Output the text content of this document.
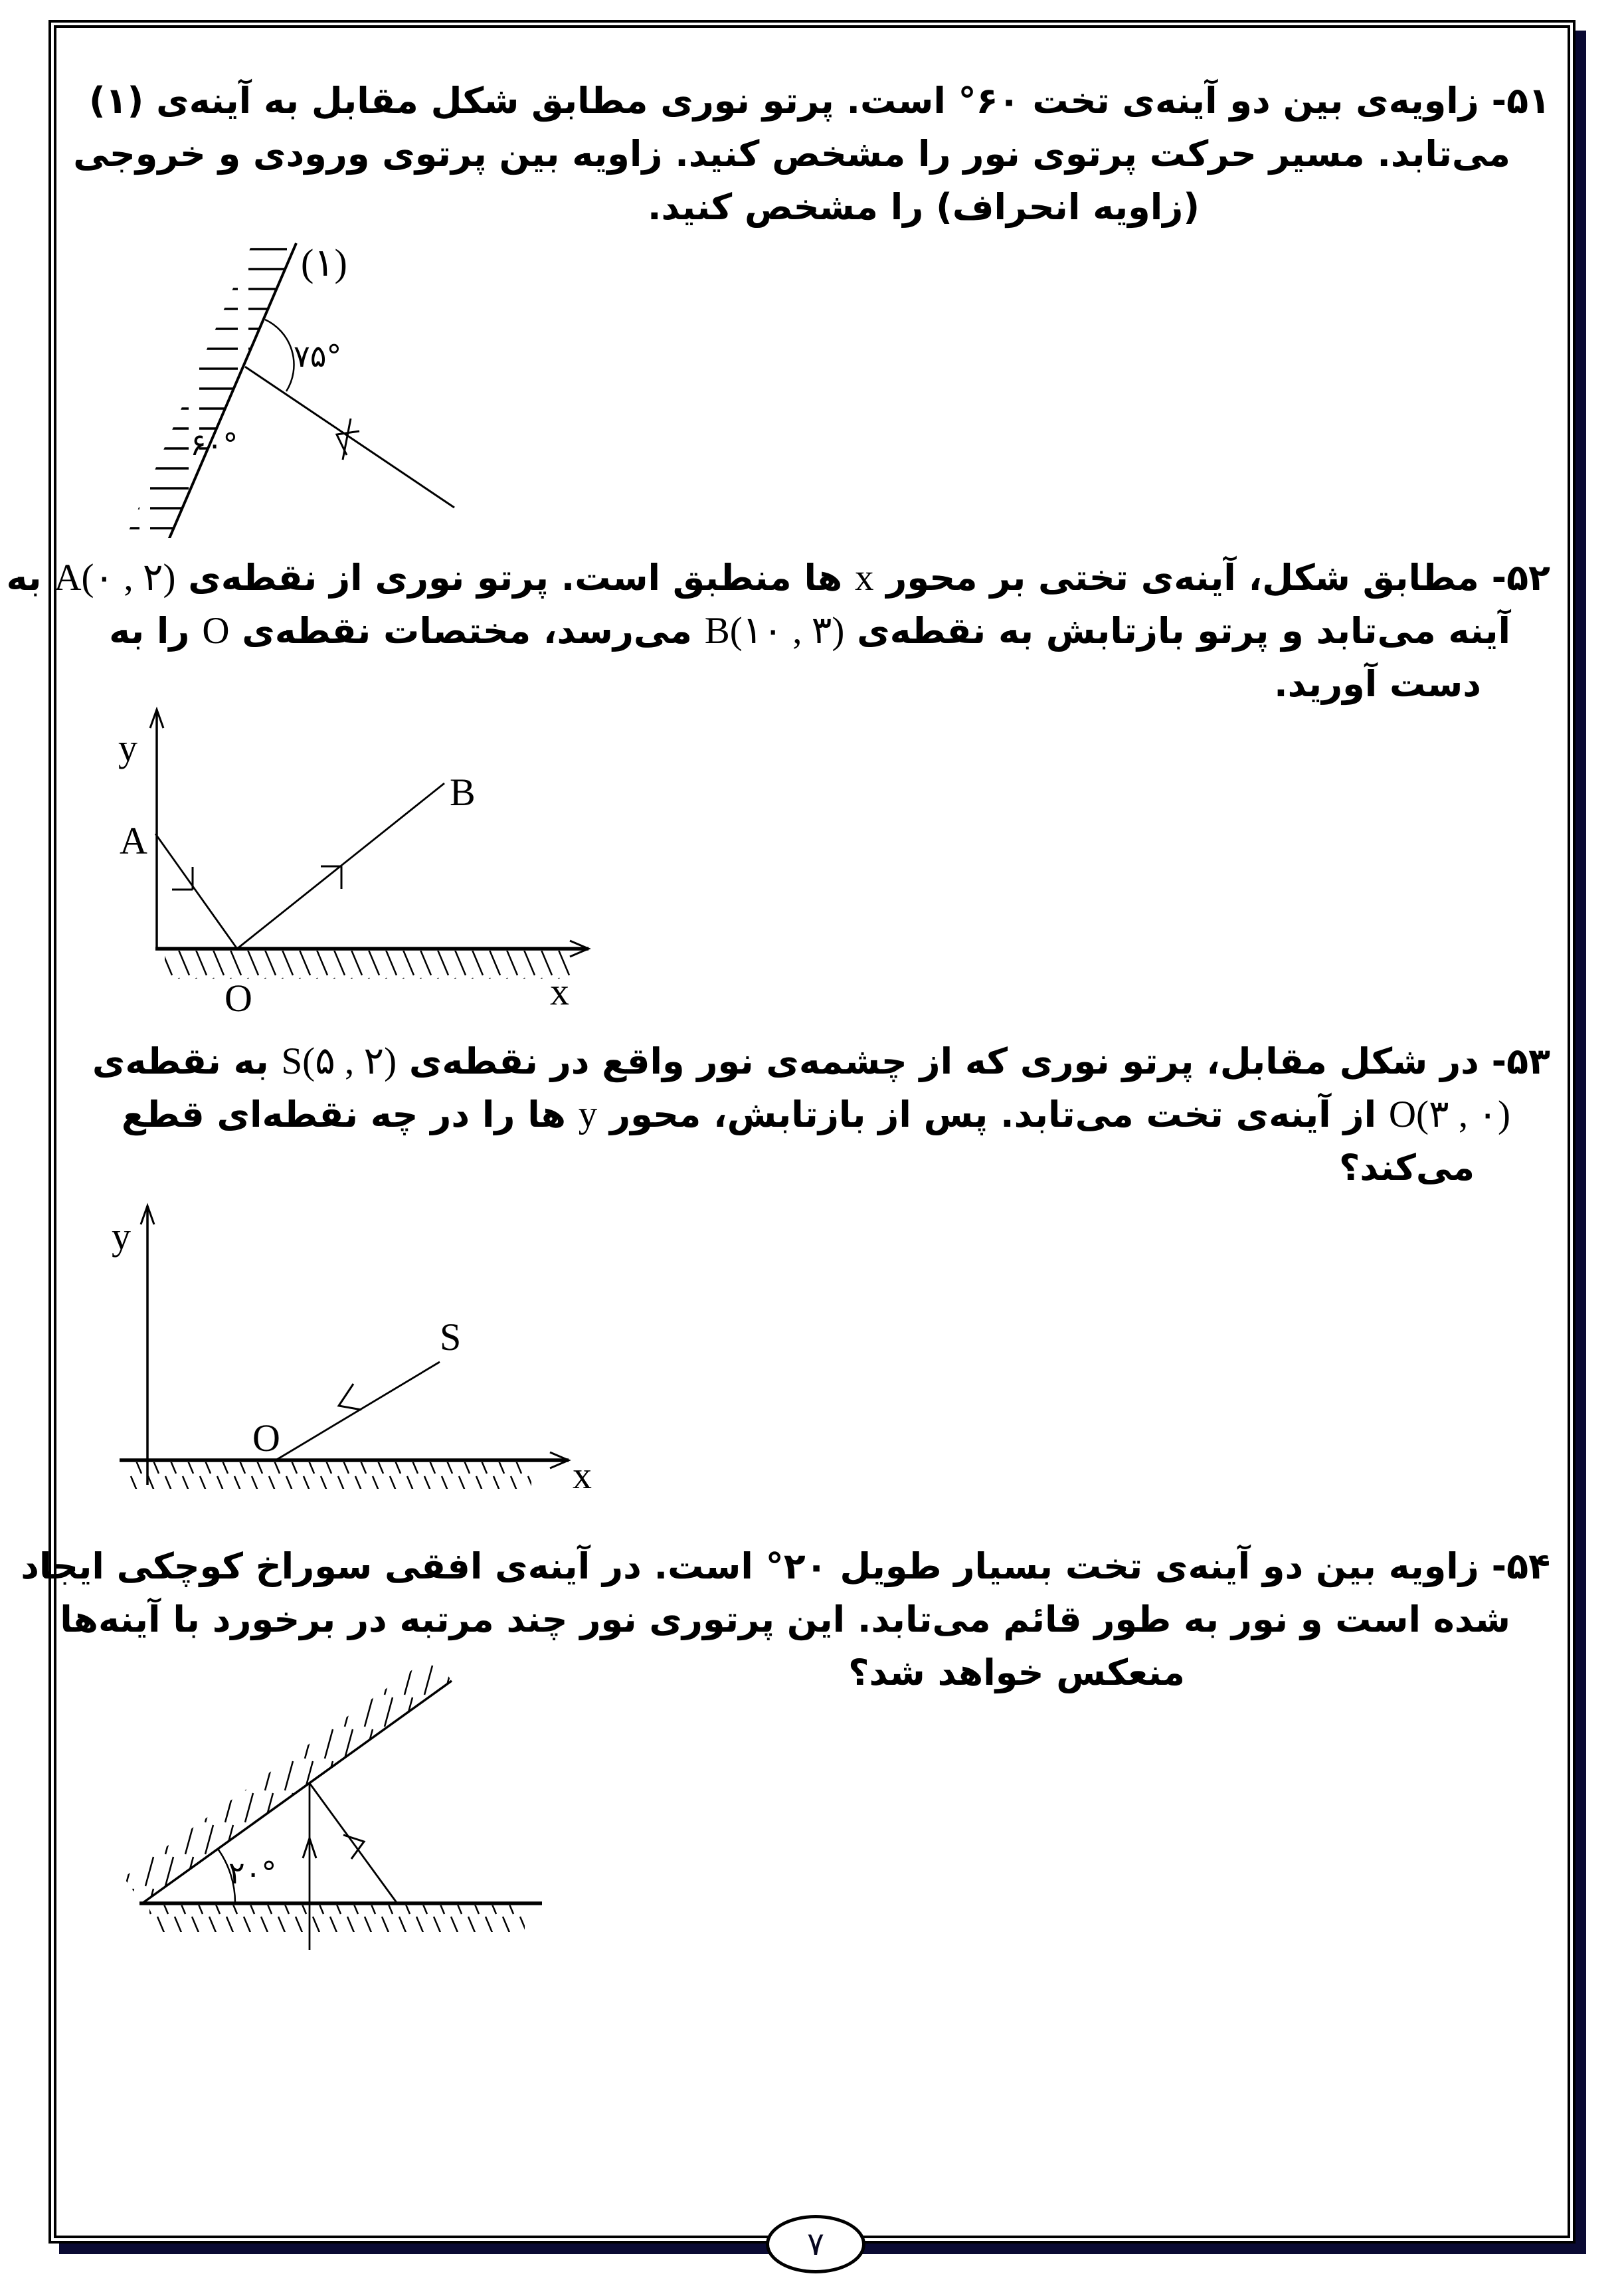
۵۱- زاویه‌ی بین دو آینه‌ی تخت ۶۰° است. پرتو نوری مطابق شکل مقابل به آینه‌ی (۱)
می‌تابد. مسیر حرکت پرتوی نور را مشخص کنید. زاویه بین پرتوی ورودی و خروجی
(زاویه انحراف) را مشخص کنید.
(۱)
۷۵°
۶۰°
۵۲- مطابق شکل، آینه‌ی تختی بر محور x ها منطبق است. پرتو نوری از نقطه‌ی A(۰ , ۲) به
آینه می‌تابد و پرتو بازتابش به نقطه‌ی B(۱۰ , ۳) می‌رسد، مختصات نقطه‌ی O را به
دست آورید.
y
A
B
O	x
۵۳- در شکل مقابل، پرتو نوری که از چشمه‌ی نور واقع در نقطه‌ی S(۵ , ۲) به نقطه‌ی
O(۳ , ۰) از آینه‌ی تخت می‌تابد. پس از بازتابش، محور y ها را در چه نقطه‌ای قطع
می‌کند؟
y
S
O
x
۵۴- زاویه بین دو آینه‌ی تخت بسیار طویل ۲۰° است. در آینه‌ی افقی سوراخ کوچکی ایجاد
شده است و نور به طور قائم می‌تابد. این پرتوری نور چند مرتبه در برخورد با آینه‌ها
منعکس خواهد شد؟
۲۰°
۷
